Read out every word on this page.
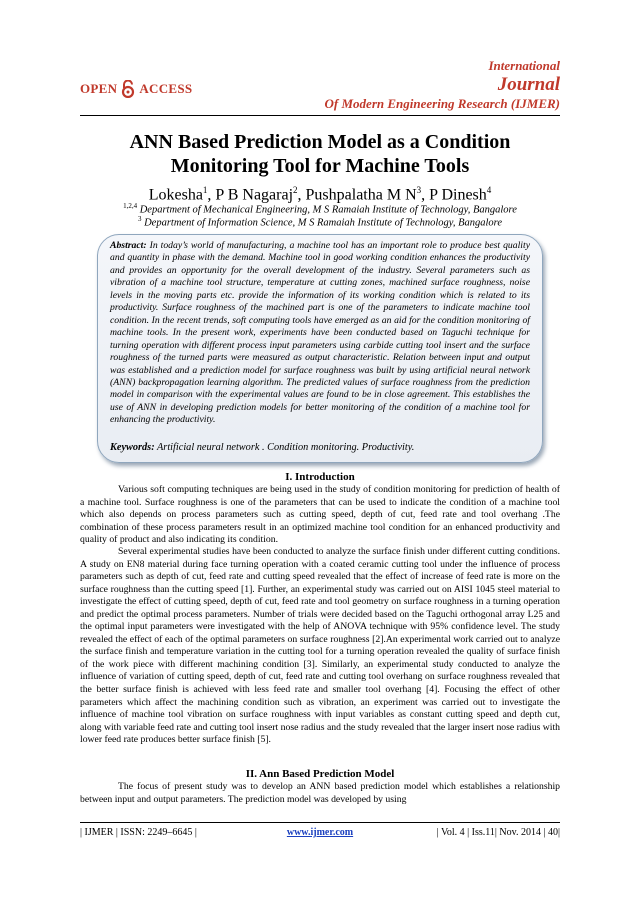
OPEN ACCESS
International
Journal
Of Modern Engineering Research (IJMER)
ANN Based Prediction Model as a Condition Monitoring Tool for Machine Tools
Lokesha$^1$, P B Nagaraj$^2$, Pushpalatha M $N^3$, P Dinesh$^4$
$^{1,2,4}$ Department of Mechanical Engineering, M S Ramaiah Institute of Technology, Bangalore
$^3$ Department of Information Science, M S Ramaiah Institute of Technology, Bangalore
Abstract: In today’s world of manufacturing, a machine tool has an important role to produce best quality and quantity in phase with the demand. Machine tool in good working condition enhances the productivity and provides an opportunity for the overall development of the industry. Several parameters such as vibration of a machine tool structure, temperature at cutting zones, machined surface roughness, noise levels in the moving parts etc. provide the information of its working condition which is related to its productivity. Surface roughness of the machined part is one of the parameters to indicate machine tool condition. In the recent trends, soft computing tools have emerged as an aid for the condition monitoring of machine tools. In the present work, experiments have been conducted based on Taguchi technique for turning operation with different process input parameters using carbide cutting tool insert and the surface roughness of the turned parts were measured as output characteristic. Relation between input and output was established and a prediction model for surface roughness was built by using artificial neural network (ANN) backpropagation learning algorithm. The predicted values of surface roughness from the prediction model in comparison with the experimental values are found to be in close agreement. This establishes the use of ANN in developing prediction models for better monitoring of the condition of a machine tool for enhancing the productivity.
Keywords: Artificial neural network . Condition monitoring. Productivity.
I. Introduction
Various soft computing techniques are being used in the study of condition monitoring for prediction of health of a machine tool. Surface roughness is one of the parameters that can be used to indicate the condition of a machine tool which also depends on process parameters such as cutting speed, depth of cut, feed rate and tool overhang .The combination of these process parameters result in an optimized machine tool condition for an enhanced productivity and quality of product and also indicating its condition.
Several experimental studies have been conducted to analyze the surface finish under different cutting conditions. A study on EN8 material during face turning operation with a coated ceramic cutting tool under the influence of process parameters such as depth of cut, feed rate and cutting speed revealed that the effect of increase of feed rate is more on the surface roughness than the cutting speed [1]. Further, an experimental study was carried out on AISI 1045 steel material to investigate the effect of cutting speed, depth of cut, feed rate and tool geometry on surface roughness in a turning operation and predict the optimal process parameters. Number of trials were decided based on the Taguchi orthogonal array L25 and the optimal input parameters were investigated with the help of ANOVA technique with 95% confidence level. The study revealed the effect of each of the optimal parameters on surface roughness [2].An experimental work carried out to analyze the surface finish and temperature variation in the cutting tool for a turning operation revealed the quality of surface finish of the work piece with different machining condition [3]. Similarly, an experimental study conducted to analyze the influence of variation of cutting speed, depth of cut, feed rate and cutting tool overhang on surface roughness revealed that the better surface finish is achieved with less feed rate and smaller tool overhang [4]. Focusing the effect of other parameters which affect the machining condition such as vibration, an experiment was carried out to investigate the influence of machine tool vibration on surface roughness with input variables as constant cutting speed and depth cut, along with variable feed rate and cutting tool insert nose radius and the study revealed that the larger insert nose radius with lower feed rate produces better surface finish [5].
II. Ann Based Prediction Model
The focus of present study was to develop an ANN based prediction model which establishes a relationship between input and output parameters. The prediction model was developed by using
| IJMER | ISSN: 2249–6645 |	www.ijmer.com	| Vol. 4 | Iss.11| Nov. 2014 | 40|
